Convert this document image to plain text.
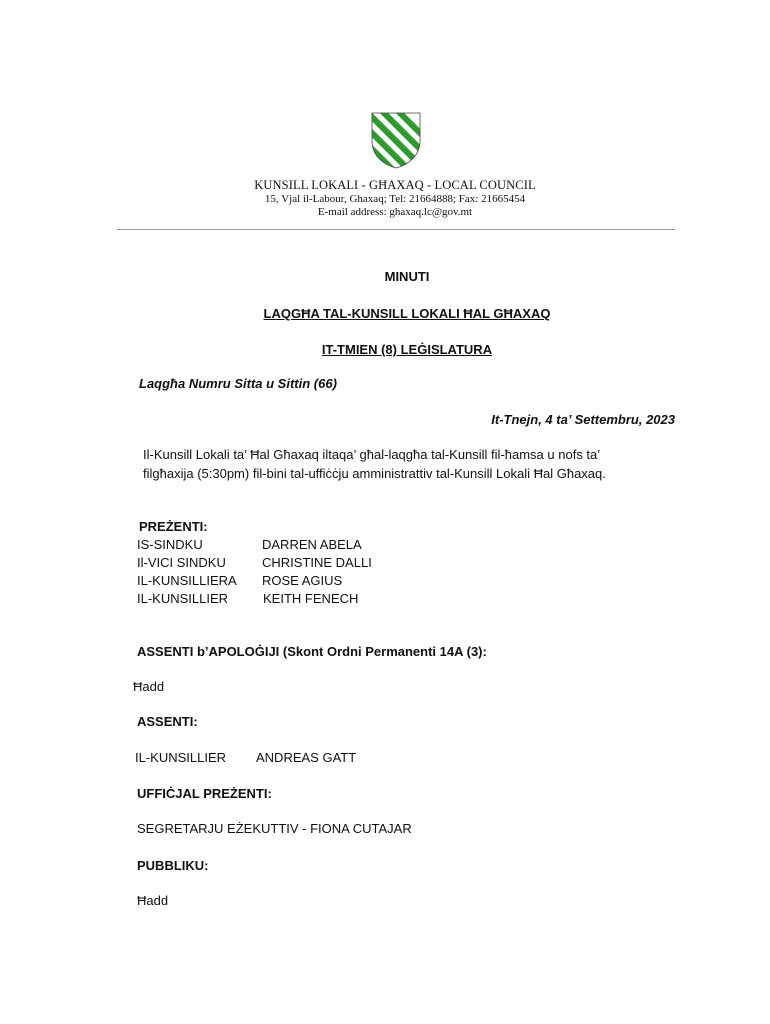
KUNSILL LOKALI - GĦAXAQ - LOCAL COUNCIL
15, Vjal il-Labour, Ghaxaq; Tel: 21664888; Fax: 21665454
E-mail address: ghaxaq.lc@gov.mt
MINUTI
LAQGĦA TAL-KUNSILL LOKALI ĦAL GĦAXAQ
IT-TMIEN (8) LEĠISLATURA
Laqgħa Numru Sitta u Sittin (66)
It-Tnejn, 4 ta’ Settembru, 2023
Il-Kunsill Lokali ta’ Ħal Għaxaq iltaqa’ għal-laqgħa tal-Kunsill fil-ħamsa u nofs ta’
filgħaxija (5:30pm) fil-bini tal-uffiċċju amministrattiv tal-Kunsill Lokali Ħal Għaxaq.
PREŻENTI:
IS-SINDKU	DARREN ABELA
Il-VICI SINDKU	CHRISTINE DALLI
IL-KUNSILLIERA ROSE AGIUS
IL-KUNSILLIER	KEITH FENECH
ASSENTI b’APOLOĠIJI (Skont Ordni Permanenti 14A (3):
Ħadd
ASSENTI:
IL-KUNSILLIER ANDREAS GATT
UFFIĊJAL PREŻENTI:
SEGRETARJU EŻEKUTTIV - FIONA CUTAJAR
PUBBLIKU:
Ħadd
